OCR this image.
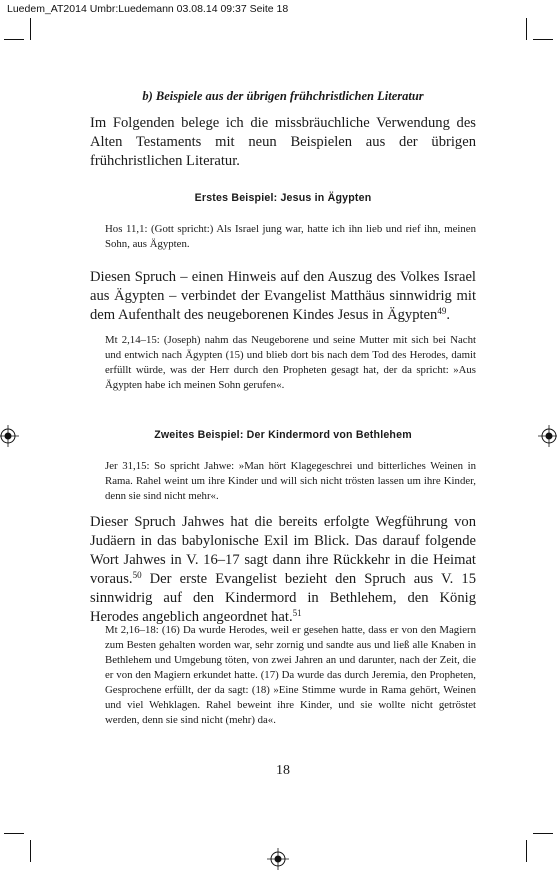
Luedem_AT2014 Umbr:Luedemann 03.08.14 09:37 Seite 18
b) Beispiele aus der übrigen frühchristlichen Literatur

Im Folgenden belege ich die missbräuchliche Verwendung des Alten Testaments mit neun Beispielen aus der übrigen frühchristlichen Literatur.

Erstes Beispiel: Jesus in Ägypten

Hos 11,1: (Gott spricht:) Als Israel jung war, hatte ich ihn lieb und rief ihn, meinen Sohn, aus Ägypten.

Diesen Spruch – einen Hinweis auf den Auszug des Volkes Israel aus Ägypten – verbindet der Evangelist Matthäus sinnwidrig mit dem Aufenthalt des neugeborenen Kindes Jesus in Ägypten$^{49}$.

Mt 2,14–15: (Joseph) nahm das Neugeborene und seine Mutter mit sich bei Nacht und entwich nach Ägypten (15) und blieb dort bis nach dem Tod des Herodes, damit erfüllt würde, was der Herr durch den Propheten gesagt hat, der da spricht: »Aus Ägypten habe ich meinen Sohn gerufen«.

Zweites Beispiel: Der Kindermord von Bethlehem

Jer 31,15: So spricht Jahwe: »Man hört Klagegeschrei und bitterliches Weinen in Rama. Rahel weint um ihre Kinder und will sich nicht trösten lassen um ihre Kinder, denn sie sind nicht mehr«.

Dieser Spruch Jahwes hat die bereits erfolgte Wegführung von Judäern in das babylonische Exil im Blick. Das darauf folgende Wort Jahwes in V. 16–17 sagt dann ihre Rückkehr in die Heimat voraus.$^{50}$ Der erste Evangelist bezieht den Spruch aus V. 15 sinnwidrig auf den Kindermord in Bethlehem, den König Herodes angeblich angeordnet hat.$^{51}$

Mt 2,16–18: (16) Da wurde Herodes, weil er gesehen hatte, dass er von den Magiern zum Besten gehalten worden war, sehr zornig und sandte aus und ließ alle Knaben in Bethlehem und Umgebung töten, von zwei Jahren an und darunter, nach der Zeit, die er von den Magiern erkundet hatte. (17) Da wurde das durch Jeremia, den Propheten, Gesprochene erfüllt, der da sagt: (18) »Eine Stimme wurde in Rama gehört, Weinen und viel Wehklagen. Rahel beweint ihre Kinder, und sie wollte nicht getröstet werden, denn sie sind nicht (mehr) da«.

18
